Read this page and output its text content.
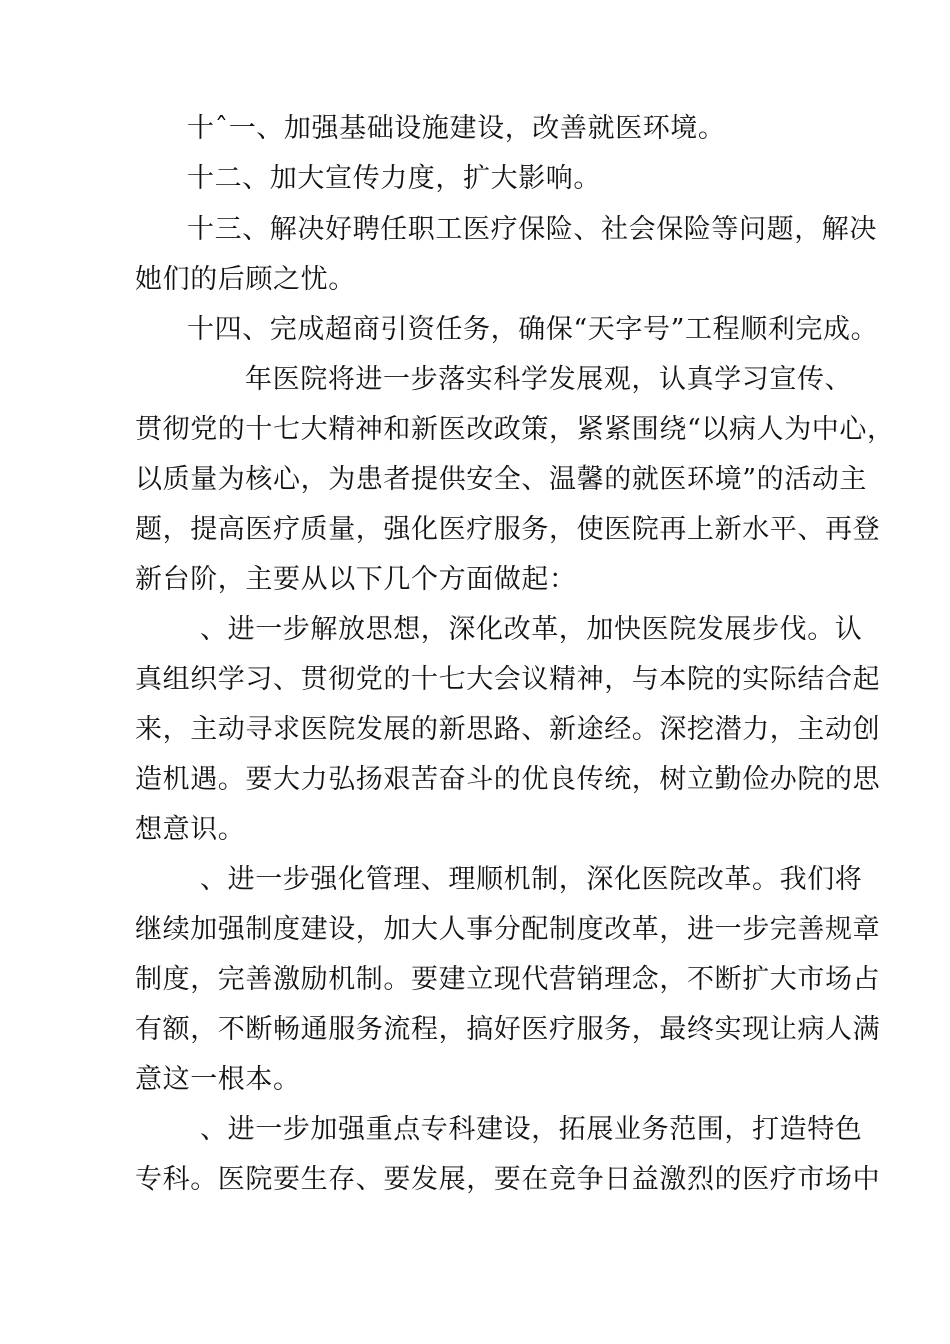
十ˆ一、加强基础设施建设，改善就医环境。
十二、加大宣传力度，扩大影响。
十三、解决好聘任职工医疗保险、社会保险等问题，解决
她们的后顾之忧。
十四、完成超商引资任务，确保“天字号”工程顺利完成。
年医院将进一步落实科学发展观，认真学习宣传、
贯彻党的十七大精神和新医改政策，紧紧围绕“以病人为中心，
以质量为核心，为患者提供安全、温馨的就医环境”的活动主
题，提高医疗质量，强化医疗服务，使医院再上新水平、再登
新台阶，主要从以下几个方面做起：
、进一步解放思想，深化改革，加快医院发展步伐。认
真组织学习、贯彻党的十七大会议精神，与本院的实际结合起
来，主动寻求医院发展的新思路、新途经。深挖潜力，主动创
造机遇。要大力弘扬艰苦奋斗的优良传统，树立勤俭办院的思
想意识。
、进一步强化管理、理顺机制，深化医院改革。我们将
继续加强制度建设，加大人事分配制度改革，进一步完善规章
制度，完善激励机制。要建立现代营销理念，不断扩大市场占
有额，不断畅通服务流程，搞好医疗服务，最终实现让病人满
意这一根本。
、进一步加强重点专科建设，拓展业务范围，打造特色
专科。医院要生存、要发展，要在竞争日益激烈的医疗市场中
